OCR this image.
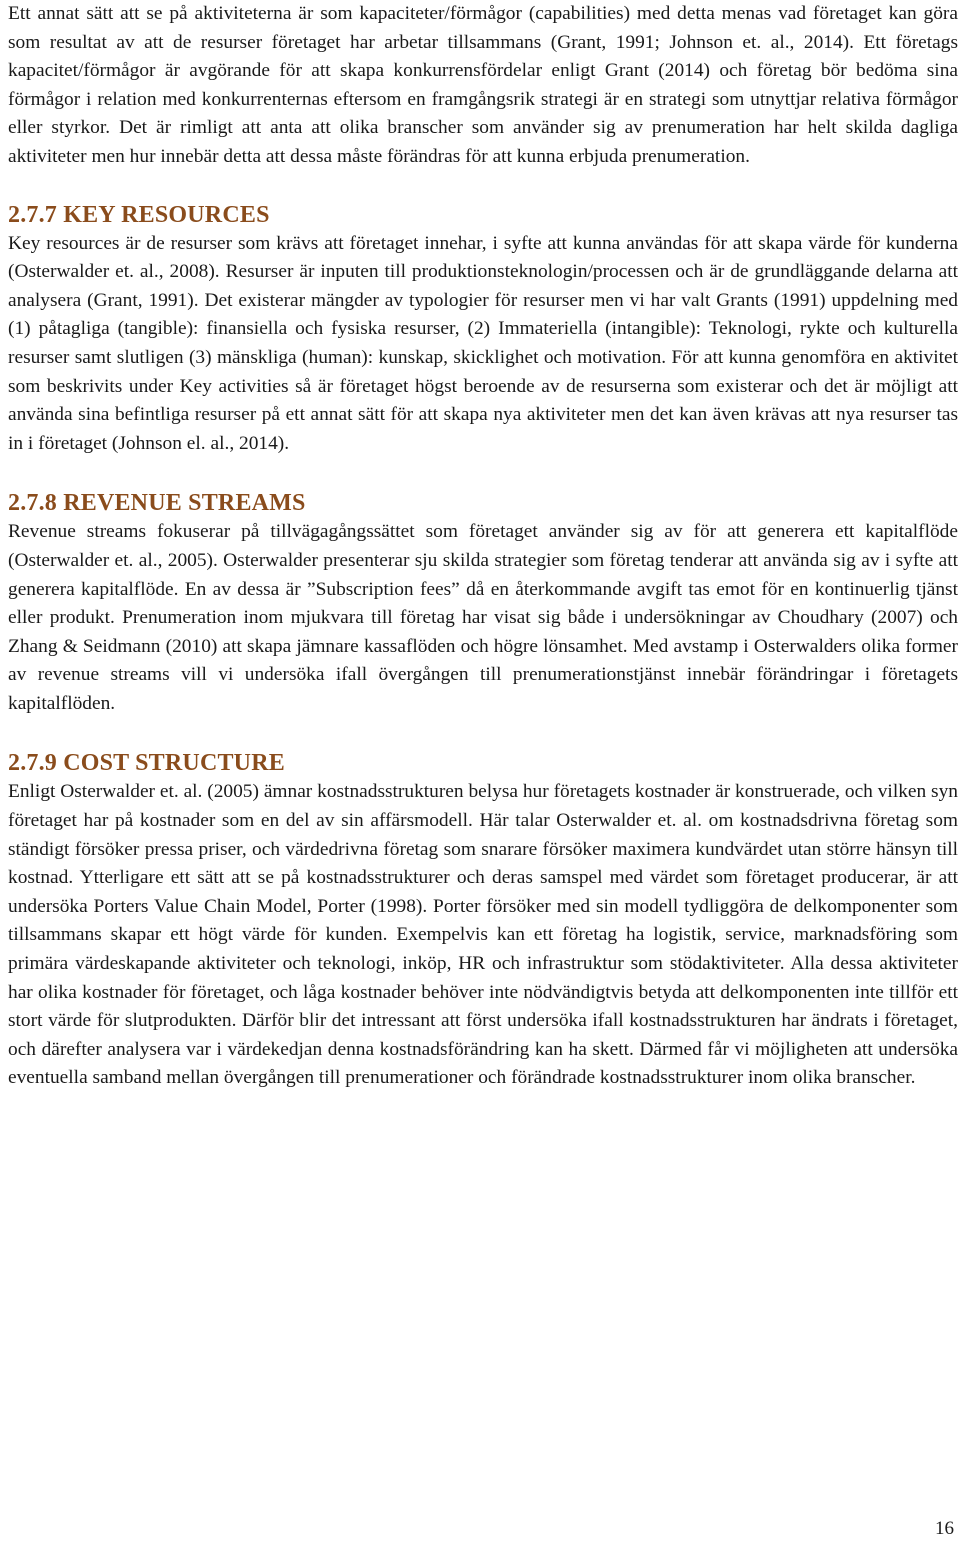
Ett annat sätt att se på aktiviteterna är som kapaciteter/förmågor (capabilities) med detta menas vad företaget kan göra som resultat av att de resurser företaget har arbetar tillsammans (Grant, 1991; Johnson et. al., 2014). Ett företags kapacitet/förmågor är avgörande för att skapa konkurrensfördelar enligt Grant (2014) och företag bör bedöma sina förmågor i relation med konkurrenternas eftersom en framgångsrik strategi är en strategi som utnyttjar relativa förmågor eller styrkor. Det är rimligt att anta att olika branscher som använder sig av prenumeration har helt skilda dagliga aktiviteter men hur innebär detta att dessa måste förändras för att kunna erbjuda prenumeration.

2.7.7 KEY RESOURCES

Key resources är de resurser som krävs att företaget innehar, i syfte att kunna användas för att skapa värde för kunderna (Osterwalder et. al., 2008). Resurser är inputen till produktionsteknologin/processen och är de grundläggande delarna att analysera (Grant, 1991). Det existerar mängder av typologier för resurser men vi har valt Grants (1991) uppdelning med (1) påtagliga (tangible): finansiella och fysiska resurser, (2) Immateriella (intangible): Teknologi, rykte och kulturella resurser samt slutligen (3) mänskliga (human): kunskap, skicklighet och motivation. För att kunna genomföra en aktivitet som beskrivits under Key activities så är företaget högst beroende av de resurserna som existerar och det är möjligt att använda sina befintliga resurser på ett annat sätt för att skapa nya aktiviteter men det kan även krävas att nya resurser tas in i företaget (Johnson el. al., 2014).

2.7.8 REVENUE STREAMS

Revenue streams fokuserar på tillvägagångssättet som företaget använder sig av för att generera ett kapitalflöde (Osterwalder et. al., 2005). Osterwalder presenterar sju skilda strategier som företag tenderar att använda sig av i syfte att generera kapitalflöde. En av dessa är ”Subscription fees” då en återkommande avgift tas emot för en kontinuerlig tjänst eller produkt. Prenumeration inom mjukvara till företag har visat sig både i undersökningar av Choudhary (2007) och Zhang & Seidmann (2010) att skapa jämnare kassaflöden och högre lönsamhet. Med avstamp i Osterwalders olika former av revenue streams vill vi undersöka ifall övergången till prenumerationstjänst innebär förändringar i företagets kapitalflöden.

2.7.9 COST STRUCTURE

Enligt Osterwalder et. al. (2005) ämnar kostnadsstrukturen belysa hur företagets kostnader är konstruerade, och vilken syn företaget har på kostnader som en del av sin affärsmodell. Här talar Osterwalder et. al. om kostnadsdrivna företag som ständigt försöker pressa priser, och värdedrivna företag som snarare försöker maximera kundvärdet utan större hänsyn till kostnad. Ytterligare ett sätt att se på kostnadsstrukturer och deras samspel med värdet som företaget producerar, är att undersöka Porters Value Chain Model, Porter (1998). Porter försöker med sin modell tydliggöra de delkomponenter som tillsammans skapar ett högt värde för kunden. Exempelvis kan ett företag ha logistik, service, marknadsföring som primära värdeskapande aktiviteter och teknologi, inköp, HR och infrastruktur som stödaktiviteter. Alla dessa aktiviteter har olika kostnader för företaget, och låga kostnader behöver inte nödvändigtvis betyda att delkomponenten inte tillför ett stort värde för slutprodukten. Därför blir det intressant att först undersöka ifall kostnadsstrukturen har ändrats i företaget, och därefter analysera var i värdekedjan denna kostnadsförändring kan ha skett. Därmed får vi möjligheten att undersöka eventuella samband mellan övergången till prenumerationer och förändrade kostnadsstrukturer inom olika branscher.

16
